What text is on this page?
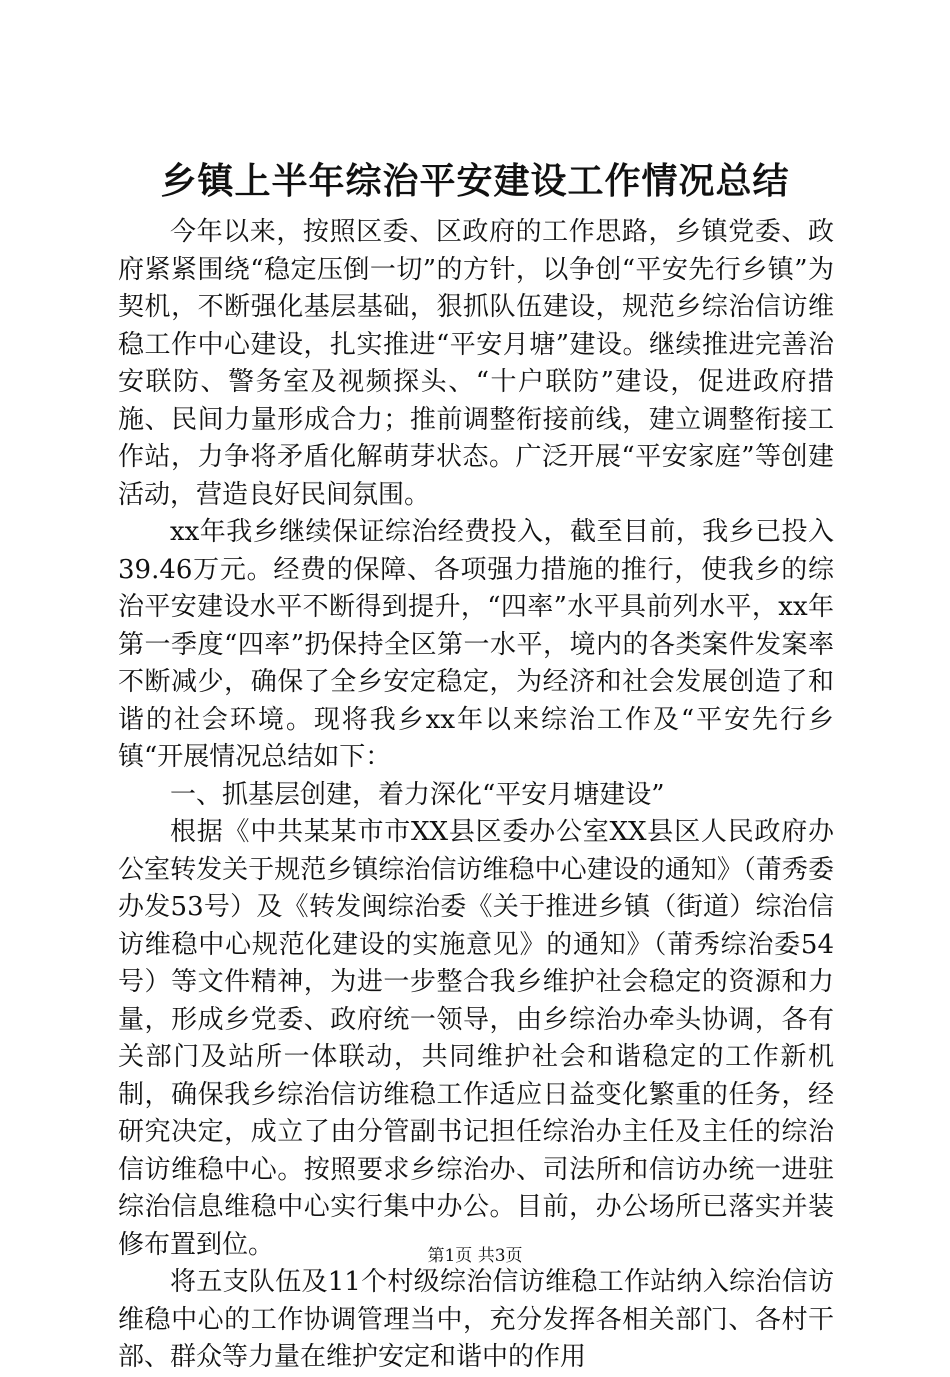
乡镇上半年综治平安建设工作情况总结

今年以来，按照区委、区政府的工作思路，乡镇党委、政府紧紧围绕“稳定压倒一切”的方针，以争创“平安先行乡镇”为契机，不断强化基层基础，狠抓队伍建设，规范乡综治信访维稳工作中心建设，扎实推进“平安月塘”建设。继续推进完善治安联防、警务室及视频探头、“十户联防”建设，促进政府措施、民间力量形成合力；推前调整衔接前线，建立调整衔接工作站，力争将矛盾化解萌芽状态。广泛开展“平安家庭”等创建活动，营造良好民间氛围。

xx年我乡继续保证综治经费投入，截至目前，我乡已投入39.46万元。经费的保障、各项强力措施的推行，使我乡的综治平安建设水平不断得到提升，“四率”水平具前列水平，xx年第一季度“四率”扔保持全区第一水平，境内的各类案件发案率不断减少，确保了全乡安定稳定，为经济和社会发展创造了和谐的社会环境。现将我乡xx年以来综治工作及“平安先行乡镇“开展情况总结如下：

一、抓基层创建，着力深化“平安月塘建设”

根据《中共某某市市XX县区委办公室XX县区人民政府办公室转发关于规范乡镇综治信访维稳中心建设的通知》（莆秀委办发53号）及《转发闽综治委《关于推进乡镇（街道）综治信访维稳中心规范化建设的实施意见》的通知》（莆秀综治委54号）等文件精神，为进一步整合我乡维护社会稳定的资源和力量，形成乡党委、政府统一领导，由乡综治办牵头协调，各有关部门及站所一体联动，共同维护社会和谐稳定的工作新机制，确保我乡综治信访维稳工作适应日益变化繁重的任务，经研究决定，成立了由分管副书记担任综治办主任及主任的综治信访维稳中心。按照要求乡综治办、司法所和信访办统一进驻综治信息维稳中心实行集中办公。目前，办公场所已落实并装修布置到位。

将五支队伍及11个村级综治信访维稳工作站纳入综治信访维稳中心的工作协调管理当中，充分发挥各相关部门、各村干部、群众等力量在维护安定和谐中的作用

第1页 共3页
